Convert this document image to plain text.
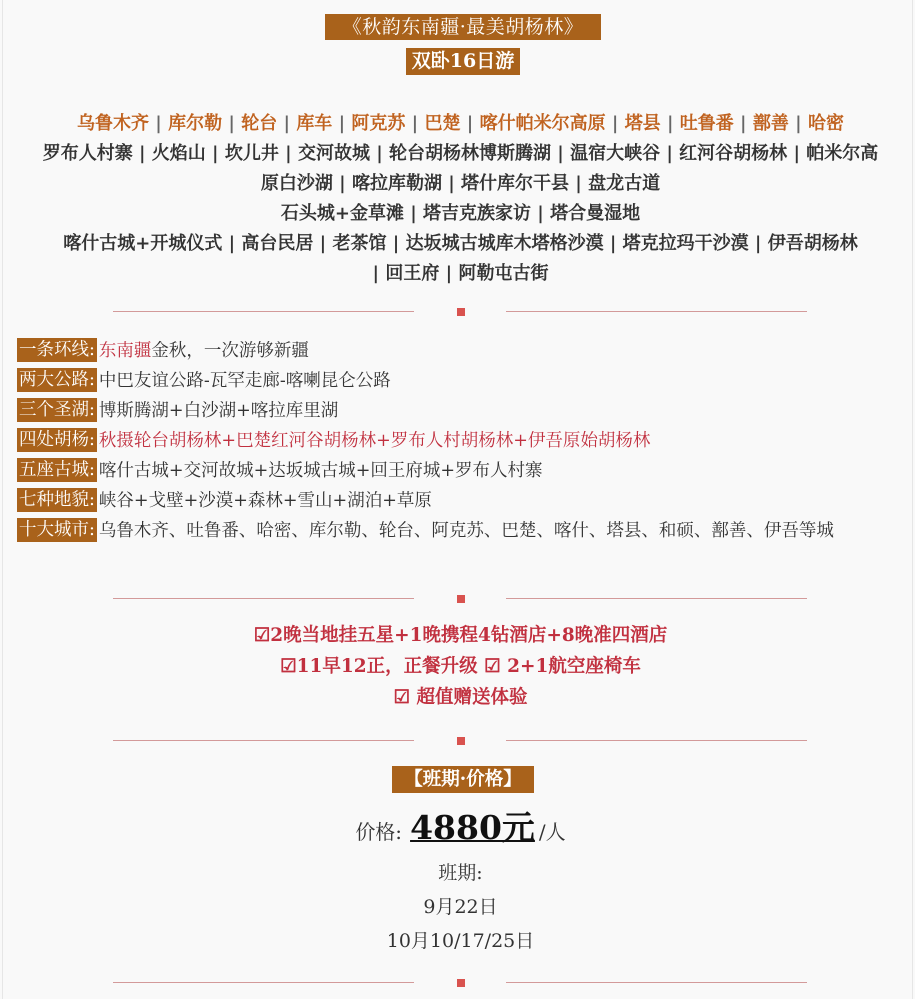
《秋韵东南疆·最美胡杨林》
双卧16日游
乌鲁木齐 | 库尔勒 | 轮台 | 库车 | 阿克苏 | 巴楚 | 喀什帕米尔高原 | 塔县 | 吐鲁番 | 鄯善 | 哈密
罗布人村寨 | 火焰山 | 坎儿井 | 交河故城 | 轮台胡杨林博斯腾湖 | 温宿大峡谷 | 红河谷胡杨林 | 帕米尔高
原白沙湖 | 喀拉库勒湖 | 塔什库尔干县 | 盘龙古道
石头城+金草滩 | 塔吉克族家访 | 塔合曼湿地
喀什古城+开城仪式 | 高台民居 | 老茶馆 | 达坂城古城库木塔格沙漠 | 塔克拉玛干沙漠 | 伊吾胡杨林
| 回王府 | 阿勒屯古街
一条环线: 东南疆金秋，一次游够新疆
两大公路: 中巴友谊公路-瓦罕走廊-喀喇昆仑公路
三个圣湖: 博斯腾湖+白沙湖+喀拉库里湖
四处胡杨: 秋摄轮台胡杨林+巴楚红河谷胡杨林+罗布人村胡杨林+伊吾原始胡杨林
五座古城: 喀什古城+交河故城+达坂城古城+回王府城+罗布人村寨
七种地貌: 峡谷+戈壁+沙漠+森林+雪山+湖泊+草原
十大城市: 乌鲁木齐、吐鲁番、哈密、库尔勒、轮台、阿克苏、巴楚、喀什、塔县、和硕、鄯善、伊吾等城
☑2晚当地挂五星+1晚携程4钻酒店+8晚准四酒店
☑11早12正，正餐升级 ☑ 2+1航空座椅车
☑ 超值赠送体验
【班期·价格】
价格: 4880元 /人
班期:
9月22日
10月10/17/25日
